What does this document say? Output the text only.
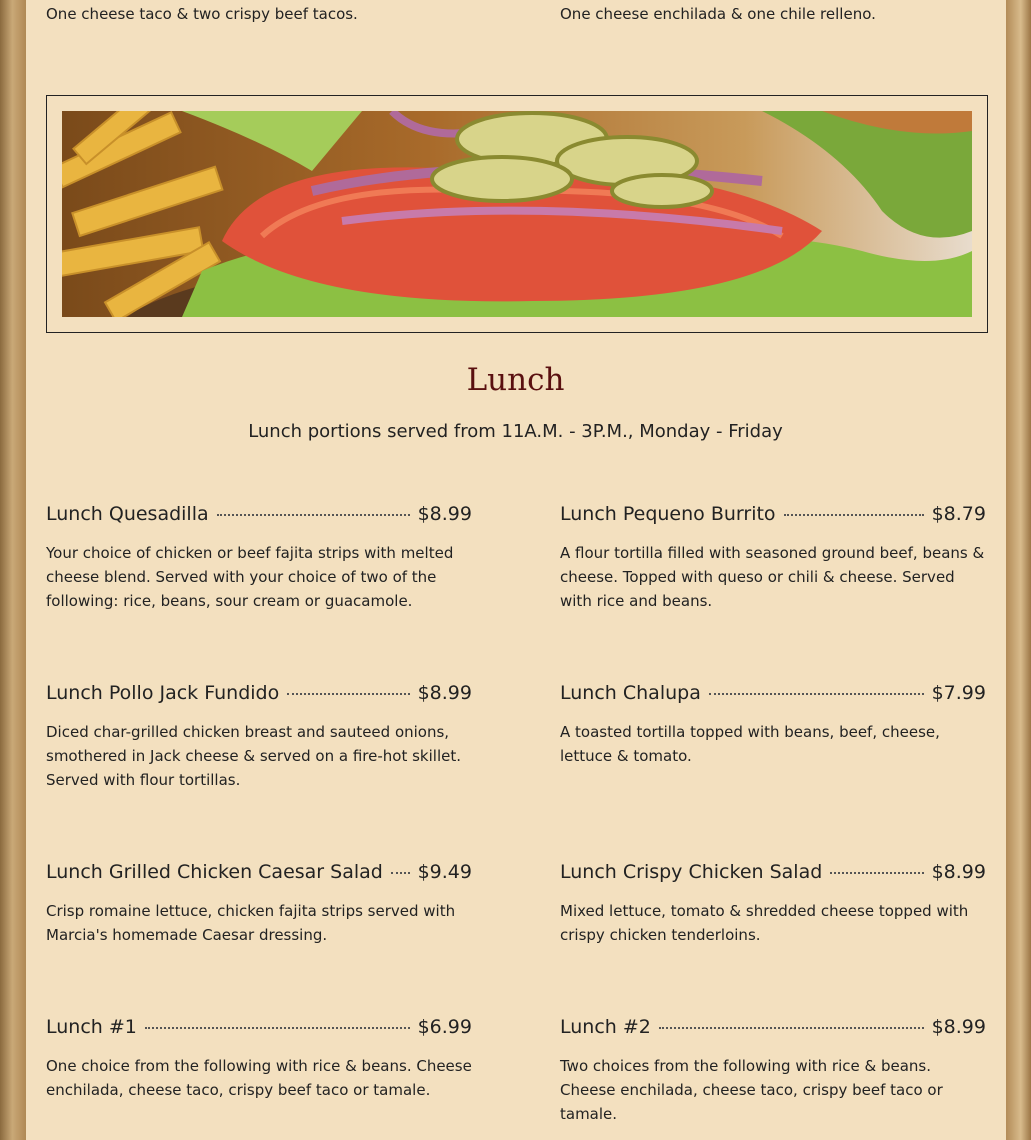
One cheese taco & two crispy beef tacos.	One cheese enchilada & one chile relleno.
Lunch
Lunch portions served from 11A.M. - 3P.M., Monday - Friday
Lunch Quesadilla	$8.99
Your choice of chicken or beef fajita strips with melted cheese blend. Served with your choice of two of the following: rice, beans, sour cream or guacamole.
Lunch Pequeno Burrito	$8.79
A flour tortilla filled with seasoned ground beef, beans & cheese. Topped with queso or chili & cheese. Served with rice and beans.
Lunch Pollo Jack Fundido	$8.99
Diced char-grilled chicken breast and sauteed onions, smothered in Jack cheese & served on a fire-hot skillet. Served with flour tortillas.
Lunch Chalupa	$7.99
A toasted tortilla topped with beans, beef, cheese, lettuce & tomato.
Lunch Grilled Chicken Caesar Salad $9.49
Crisp romaine lettuce, chicken fajita strips served with Marcia's homemade Caesar dressing.
Lunch Crispy Chicken Salad	$8.99
Mixed lettuce, tomato & shredded cheese topped with crispy chicken tenderloins.
Lunch #1	$6.99
One choice from the following with rice & beans. Cheese enchilada, cheese taco, crispy beef taco or tamale.
Lunch #2	$8.99
Two choices from the following with rice & beans. Cheese enchilada, cheese taco, crispy beef taco or tamale.
